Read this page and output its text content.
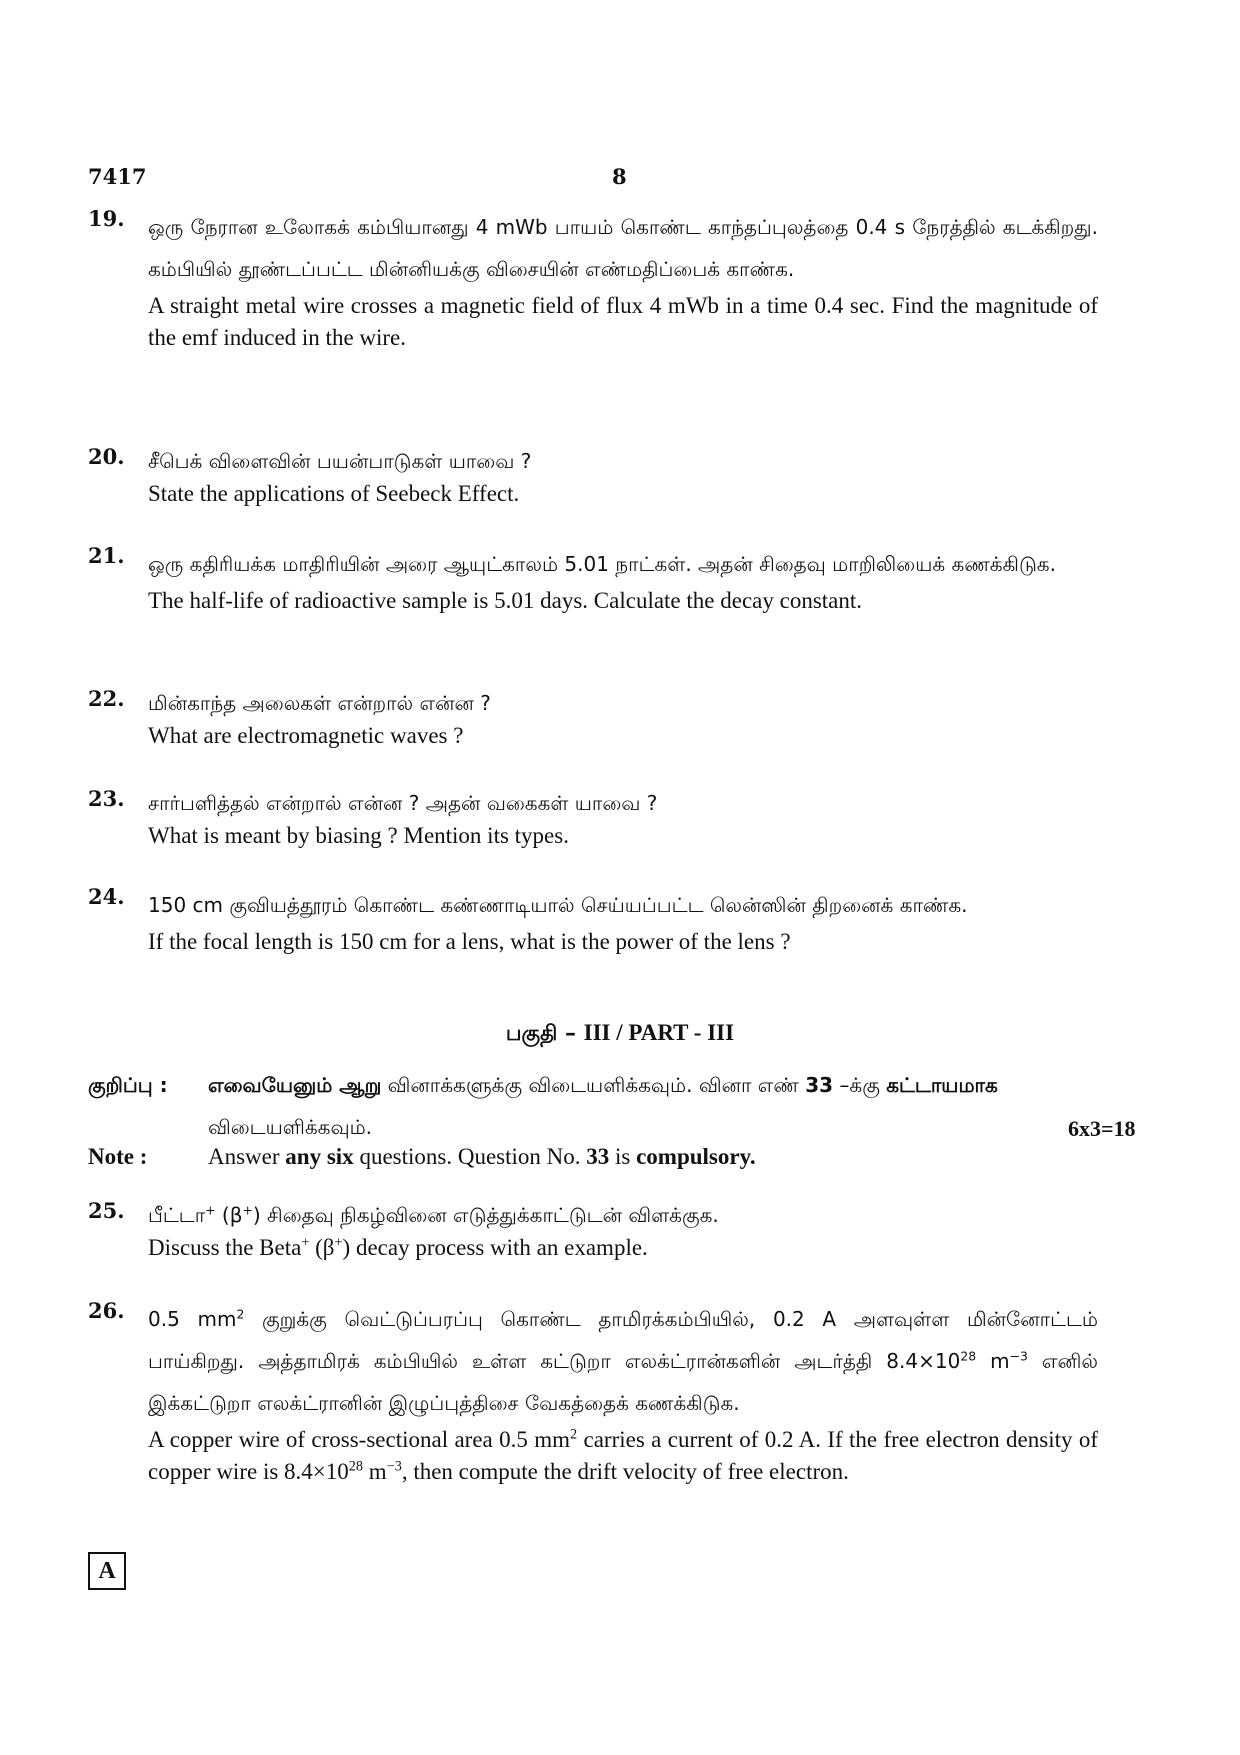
7417	8
19.	ஒரு நேரான உலோகக் கம்பியானது 4 mWb பாயம் கொண்ட காந்தப்புலத்தை 0.4 s நேரத்தில் கடக்கிறது. கம்பியில் தூண்டப்பட்ட மின்னியக்கு விசையின் எண்மதிப்பைக் காண்க.
A straight metal wire crosses a magnetic field of flux 4 mWb in a time 0.4 sec. Find the magnitude of the emf induced in the wire.
20.	சீபெக் விளைவின் பயன்பாடுகள் யாவை ?
State the applications of Seebeck Effect.
21.	ஒரு கதிரியக்க மாதிரியின் அரை ஆயுட்காலம் 5.01 நாட்கள். அதன் சிதைவு மாறிலியைக் கணக்கிடுக.
The half-life of radioactive sample is 5.01 days. Calculate the decay constant.
22.	மின்காந்த அலைகள் என்றால் என்ன ?
What are electromagnetic waves ?
23.	சார்பளித்தல் என்றால் என்ன ? அதன் வகைகள் யாவை ?
What is meant by biasing ? Mention its types.
24.	150 cm குவியத்தூரம் கொண்ட கண்ணாடியால் செய்யப்பட்ட லென்ஸின் திறனைக் காண்க.
If the focal length is 150 cm for a lens, what is the power of the lens ?
பகுதி – III / PART - III
குறிப்பு : எவையேனும் ஆறு வினாக்களுக்கு விடையளிக்கவும். வினா எண் 33 –க்கு கட்டாயமாக விடையளிக்கவும்.	6x3=18
Note :	Answer any six questions. Question No. 33 is compulsory.
25.	பீட்டா+ (β+) சிதைவு நிகழ்வினை எடுத்துக்காட்டுடன் விளக்குக.
Discuss the Beta+ (β+) decay process with an example.
26.	0.5 $mm^2$ குறுக்கு வெட்டுப்பரப்பு கொண்ட தாமிரக்கம்பியில், 0.2 A அளவுள்ள மின்னோட்டம் பாய்கிறது. அத்தாமிரக் கம்பியில் உள்ள கட்டுறா எலக்ட்ரான்களின் அடர்த்தி $8.4\times 10^{28}$ $m^{-3}$ எனில் இக்கட்டுறா எலக்ட்ரானின் இழுப்புத்திசை வேகத்தைக் கணக்கிடுக.
A copper wire of cross-sectional area 0.5 $mm^2$ carries a current of 0.2 A. If the free electron density of copper wire is $8.4\times 10^{28}$ $m^{-3}$, then compute the drift velocity of free electron.
A
